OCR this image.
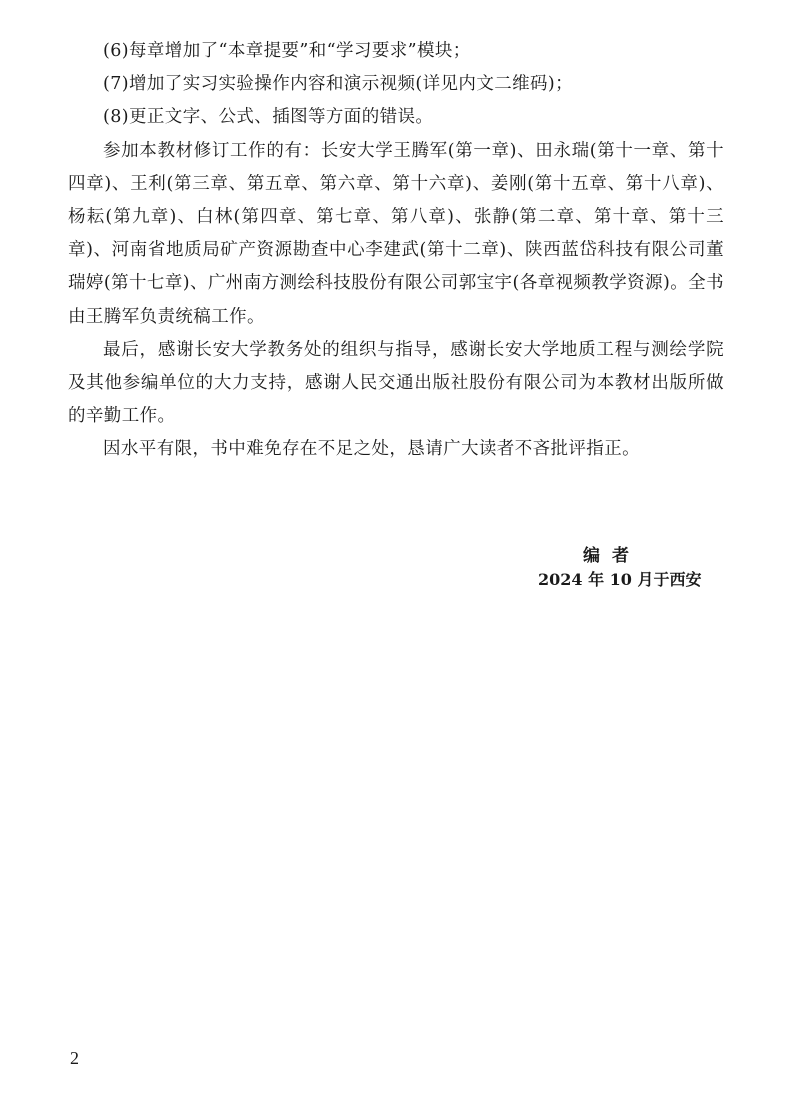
(6)每章增加了“本章提要”和“学习要求”模块；

(7)增加了实习实验操作内容和演示视频(详见内文二维码)；

(8)更正文字、公式、插图等方面的错误。

参加本教材修订工作的有：长安大学王腾军(第一章)、田永瑞(第十一章、第十四章)、王利(第三章、第五章、第六章、第十六章)、姜刚(第十五章、第十八章)、杨耘(第九章)、白林(第四章、第七章、第八章)、张静(第二章、第十章、第十三章)、河南省地质局矿产资源勘查中心李建武(第十二章)、陕西蓝岱科技有限公司董瑞婷(第十七章)、广州南方测绘科技股份有限公司郭宝宇(各章视频教学资源)。全书由王腾军负责统稿工作。

最后，感谢长安大学教务处的组织与指导，感谢长安大学地质工程与测绘学院及其他参编单位的大力支持，感谢人民交通出版社股份有限公司为本教材出版所做的辛勤工作。

因水平有限，书中难免存在不足之处，恳请广大读者不吝批评指正。

编者
2024 年 10 月于西安
2
